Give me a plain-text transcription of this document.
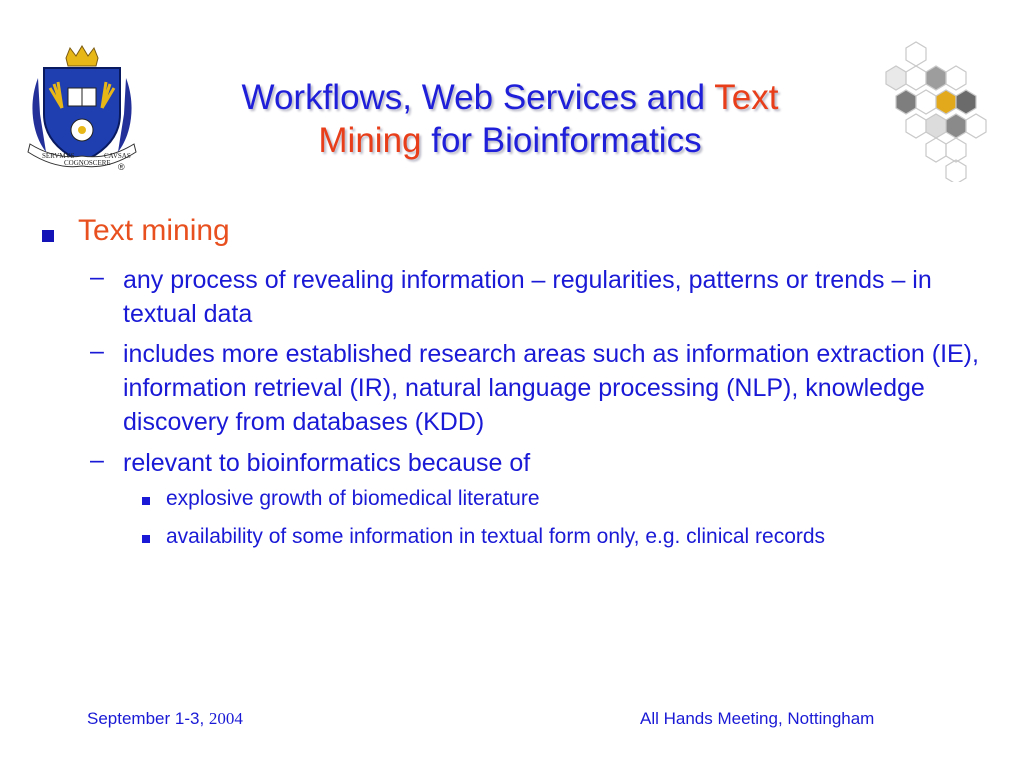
SERVMVS
COGNOSCERE
CAVSAS
®
Workflows, Web Services and Text
Mining for Bioinformatics
Text mining
– any process of revealing information – regularities, patterns or trends – in textual data
– includes more established research areas such as information extraction (IE), information retrieval (IR), natural language processing (NLP), knowledge discovery from databases (KDD)
– relevant to bioinformatics because of
explosive growth of biomedical literature
availability of some information in textual form only, e.g. clinical records
September 1-3, 2004	All Hands Meeting, Nottingham
